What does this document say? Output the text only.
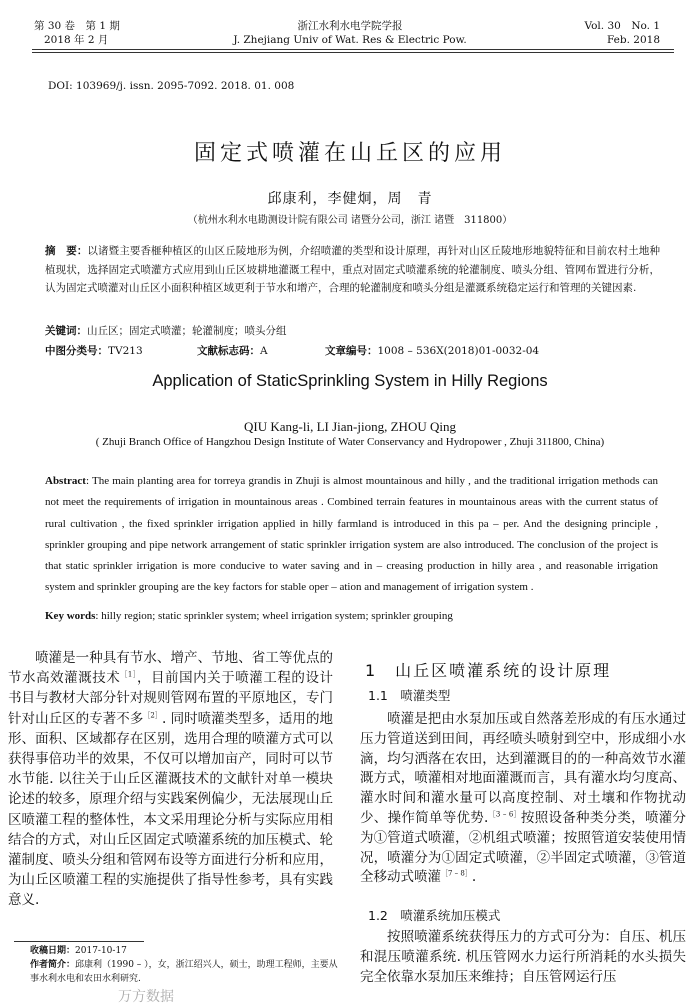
第 30 卷　第 1 期
2018 年 2 月
浙江水利水电学院学报
J. Zhejiang Univ of Wat. Res & Electric Pow.
Vol. 30　No. 1
Feb. 2018
DOI: 103969/j. issn. 2095-7092. 2018. 01. 008
固定式喷灌在山丘区的应用
邱康利，李健炯，周　青
（杭州水利水电勘测设计院有限公司 诸暨分公司，浙江 诸暨　311800）
摘　要：以诸暨主要香榧种植区的山区丘陵地形为例，介绍喷灌的类型和设计原理，再针对山区丘陵地形地貌特征和目前农村土地种植现状，选择固定式喷灌方式应用到山丘区坡耕地灌溉工程中，重点对固定式喷灌系统的轮灌制度、喷头分组、管网布置进行分析，认为固定式喷灌对山丘区小面积种植区域更利于节水和增产，合理的轮灌制度和喷头分组是灌溉系统稳定运行和管理的关键因素.
关键词：山丘区；固定式喷灌；轮灌制度；喷头分组
中图分类号：TV213	文献标志码：A	文章编号：1008 – 536X(2018)01-0032-04
Application of StaticSprinkling System in Hilly Regions
QIU Kang-li, LI Jian-jiong, ZHOU Qing
( Zhuji Branch Office of Hangzhou Design Institute of Water Conservancy and Hydropower , Zhuji 311800, China)
Abstract: The main planting area for torreya grandis in Zhuji is almost mountainous and hilly , and the traditional irrigation methods can not meet the requirements of irrigation in mountainous areas . Combined terrain features in mountainous areas with the current status of rural cultivation , the fixed sprinkler irrigation applied in hilly farmland is introduced in this pa – per. And the designing principle , sprinkler grouping and pipe network arrangement of static sprinkler irrigation system are also introduced. The conclusion of the project is that static sprinkler irrigation is more conducive to water saving and in – creasing production in hilly area , and reasonable irrigation system and sprinkler grouping are the key factors for stable oper – ation and management of irrigation system .
Key words: hilly region; static sprinkler system; wheel irrigation system; sprinkler grouping

喷灌是一种具有节水、增产、节地、省工等优点的节水高效灌溉技术$^{[1]}$，目前国内关于喷灌工程的设计书目与教材大部分针对规则管网布置的平原地区，专门针对山丘区的专著不多$^{[2]}$. 同时喷灌类型多，适用的地形、面积、区域都存在区别，选用合理的喷灌方式可以获得事倍功半的效果，不仅可以增加亩产，同时可以节水节能. 以往关于山丘区灌溉技术的文献针对单一模块论述的较多，原理介绍与实践案例偏少，无法展现山丘区喷灌工程的整体性，本文采用理论分析与实际应用相结合的方式，对山丘区固定式喷灌系统的加压模式、轮灌制度、喷头分组和管网布设等方面进行分析和应用，为山丘区喷灌工程的实施提供了指导性参考，具有实践意义.

1　山丘区喷灌系统的设计原理
1.1　喷灌类型

喷灌是把由水泵加压或自然落差形成的有压水通过压力管道送到田间，再经喷头喷射到空中，形成细小水滴，均匀洒落在农田，达到灌溉目的的一种高效节水灌溉方式，喷灌相对地面灌溉而言，具有灌水均匀度高、灌水时间和灌水量可以高度控制、对土壤和作物扰动少、操作简单等优势.$^{[3 - 6]}$按照设备种类分类，喷灌分为①管道式喷灌，②机组式喷灌；按照管道安装使用情况，喷灌分为①固定式喷灌，②半固定式喷灌，③管道全移动式喷灌$^{[7 - 8]}$.

1.2　喷灌系统加压模式

按照喷灌系统获得压力的方式可分为：自压、机压和混压喷灌系统. 机压管网水力运行所消耗的水头损失完全依靠水泵加压来维持；自压管网运行压

收稿日期：2017-10-17
作者简介：邱康利（1990 – ），女，浙江绍兴人，硕士，助理工程师，主要从事水利水电和农田水利研究.
万方数据
